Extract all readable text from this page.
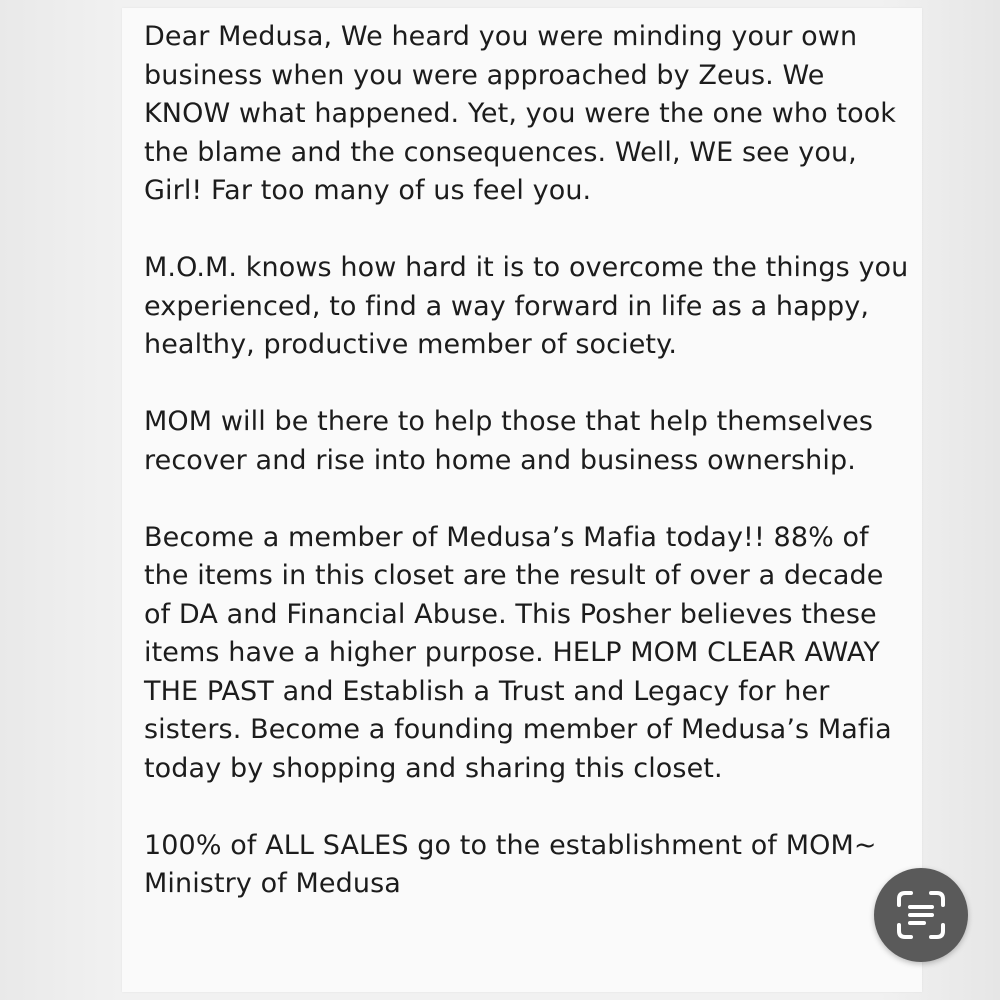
Dear Medusa, We heard you were minding your own business when you were approached by Zeus. We KNOW what happened. Yet, you were the one who took the blame and the consequences. Well, WE see you, Girl! Far too many of us feel you.

M.O.M. knows how hard it is to overcome the things you experienced, to find a way forward in life as a happy, healthy, productive member of society.

MOM will be there to help those that help themselves recover and rise into home and business ownership.

Become a member of Medusa’s Mafia today!! 88% of the items in this closet are the result of over a decade of DA and Financial Abuse. This Posher believes these items have a higher purpose. HELP MOM CLEAR AWAY THE PAST and Establish a Trust and Legacy for her sisters. Become a founding member of Medusa’s Mafia today by shopping and sharing this closet.

100% of ALL SALES go to the establishment of MOM~ Ministry of Medusa
